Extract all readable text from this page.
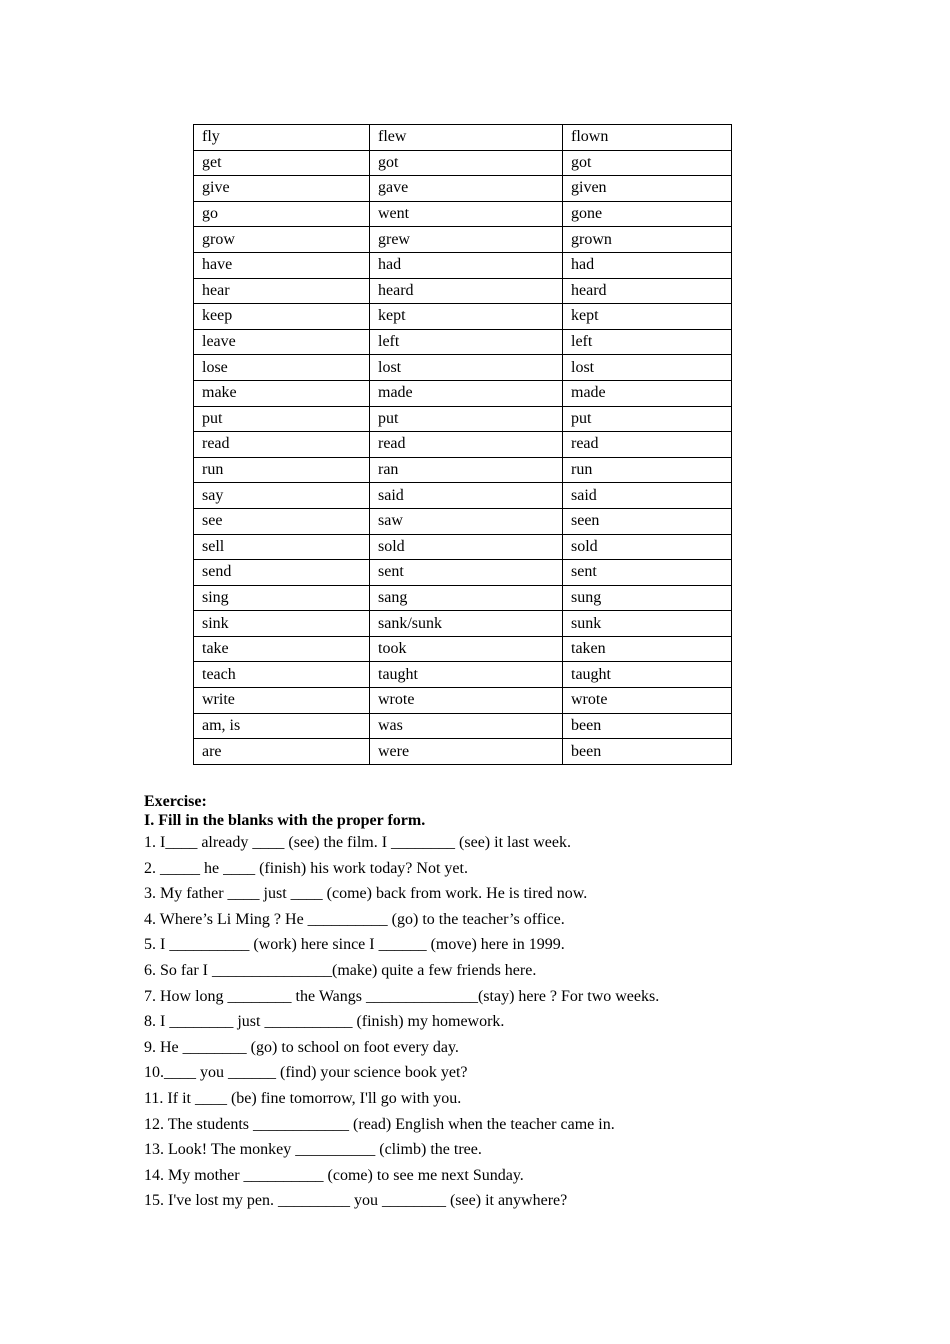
fly	flew	flown
get	got	got
give	gave	given
go	went	gone
grow	grew	grown
have	had	had
hear	heard	heard
keep	kept	kept
leave	left	left
lose	lost	lost
make	made	made
put	put	put
read	read	read
run	ran	run
say	said	said
see	saw	seen
sell	sold	sold
send	sent	sent
sing	sang	sung
sink	sank/sunk	sunk
take	took	taken
teach	taught	taught
write	wrote	wrote
am, is	was	been
are	were	been
Exercise:
I. Fill in the blanks with the proper form.
1. I____ already ____ (see) the film. I ________ (see) it last week.
2. _____ he ____ (finish) his work today? Not yet.
3. My father ____ just ____ (come) back from work. He is tired now.
4. Where’s Li Ming ? He __________ (go) to the teacher’s office.
5. I __________ (work) here since I ______ (move) here in 1999.
6. So far I _______________(make) quite a few friends here.
7. How long ________ the Wangs ______________(stay) here ? For two weeks.
8. I ________ just ___________ (finish) my homework.
9. He ________ (go) to school on foot every day.
10.____ you ______ (find) your science book yet?
11. If it ____ (be) fine tomorrow, I'll go with you.
12. The students ____________ (read) English when the teacher came in.
13. Look! The monkey __________ (climb) the tree.
14. My mother __________ (come) to see me next Sunday.
15. I've lost my pen. _________ you ________ (see) it anywhere?
